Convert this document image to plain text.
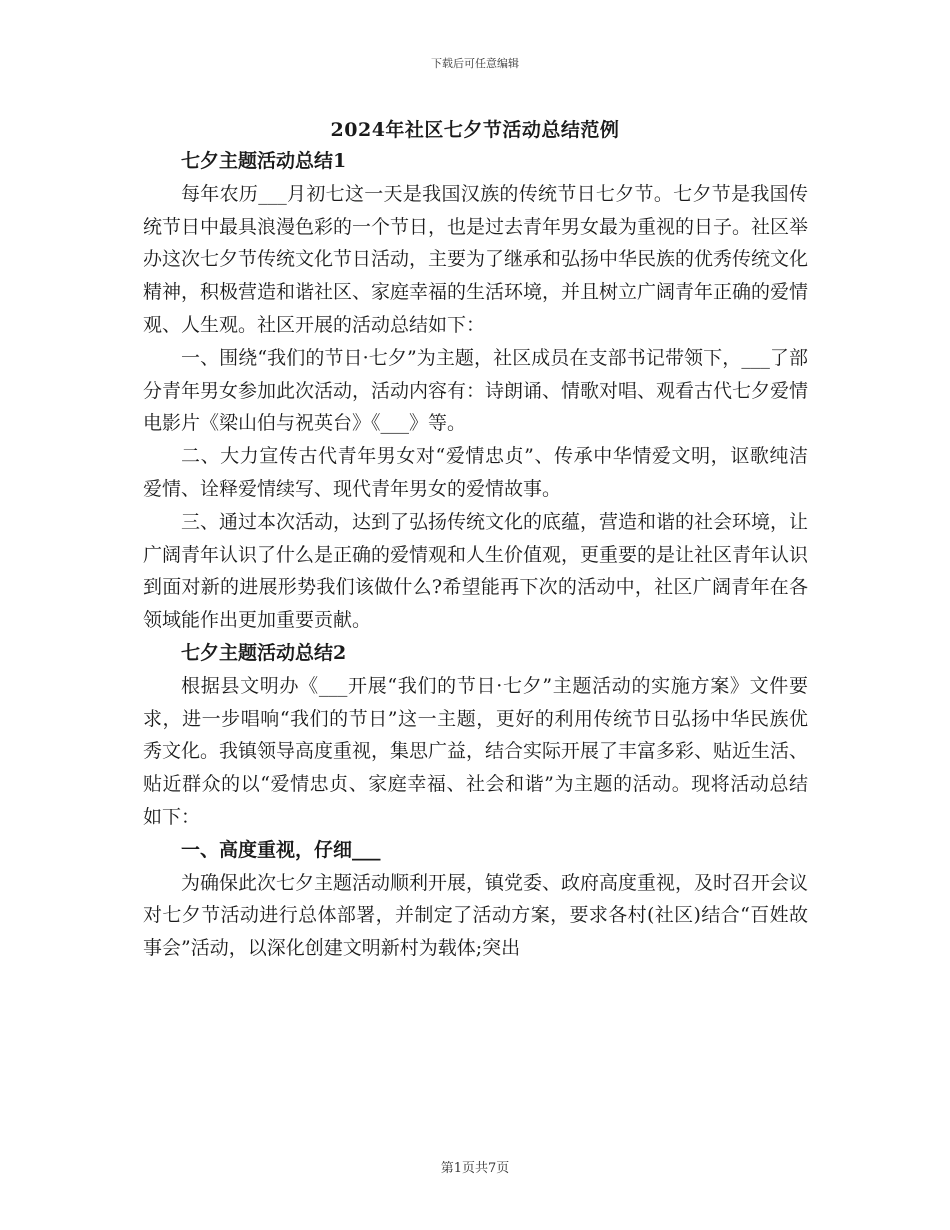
下载后可任意编辑
2024年社区七夕节活动总结范例

七夕主题活动总结1

每年农历___月初七这一天是我国汉族的传统节日七夕节。七夕节是我国传统节日中最具浪漫色彩的一个节日，也是过去青年男女最为重视的日子。社区举办这次七夕节传统文化节日活动，主要为了继承和弘扬中华民族的优秀传统文化精神，积极营造和谐社区、家庭幸福的生活环境，并且树立广阔青年正确的爱情观、人生观。社区开展的活动总结如下：

一、围绕“我们的节日·七夕”为主题，社区成员在支部书记带领下，___了部分青年男女参加此次活动，活动内容有：诗朗诵、情歌对唱、观看古代七夕爱情电影片《梁山伯与祝英台》《___》等。

二、大力宣传古代青年男女对“爱情忠贞”、传承中华情爱文明，讴歌纯洁爱情、诠释爱情续写、现代青年男女的爱情故事。

三、通过本次活动，达到了弘扬传统文化的底蕴，营造和谐的社会环境，让广阔青年认识了什么是正确的爱情观和人生价值观，更重要的是让社区青年认识到面对新的进展形势我们该做什么?希望能再下次的活动中，社区广阔青年在各领域能作出更加重要贡献。

七夕主题活动总结2

根据县文明办《___开展“我们的节日·七夕”主题活动的实施方案》文件要求，进一步唱响“我们的节日”这一主题，更好的利用传统节日弘扬中华民族优秀文化。我镇领导高度重视，集思广益，结合实际开展了丰富多彩、贴近生活、贴近群众的以“爱情忠贞、家庭幸福、社会和谐”为主题的活动。现将活动总结如下：

一、高度重视，仔细___

为确保此次七夕主题活动顺利开展，镇党委、政府高度重视，及时召开会议对七夕节活动进行总体部署，并制定了活动方案，要求各村(社区)结合“百姓故事会”活动，以深化创建文明新村为载体;突出

第1页共7页
